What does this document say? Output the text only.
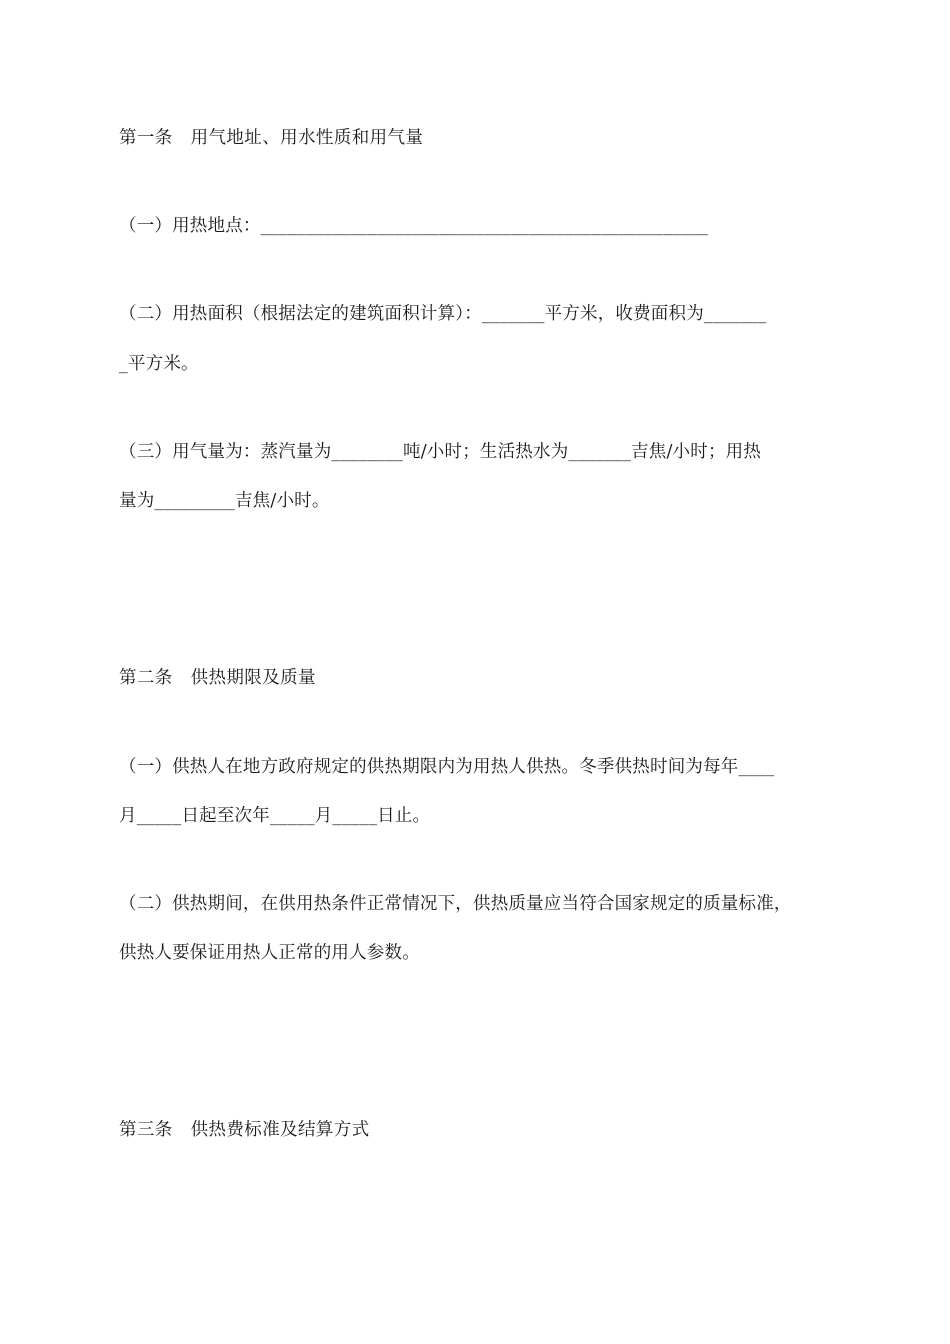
第一条　用气地址、用水性质和用气量
（一）用热地点：__________________________________________________
（二）用热面积（根据法定的建筑面积计算）：_______平方米，收费面积为_______
_平方米。
（三）用气量为：蒸汽量为________吨/小时；生活热水为_______吉焦/小时；用热
量为_________吉焦/小时。
第二条　供热期限及质量
（一）供热人在地方政府规定的供热期限内为用热人供热。冬季供热时间为每年____
月_____日起至次年_____月_____日止。
（二）供热期间，在供用热条件正常情况下，供热质量应当符合国家规定的质量标准，
供热人要保证用热人正常的用人参数。
第三条　供热费标准及结算方式
